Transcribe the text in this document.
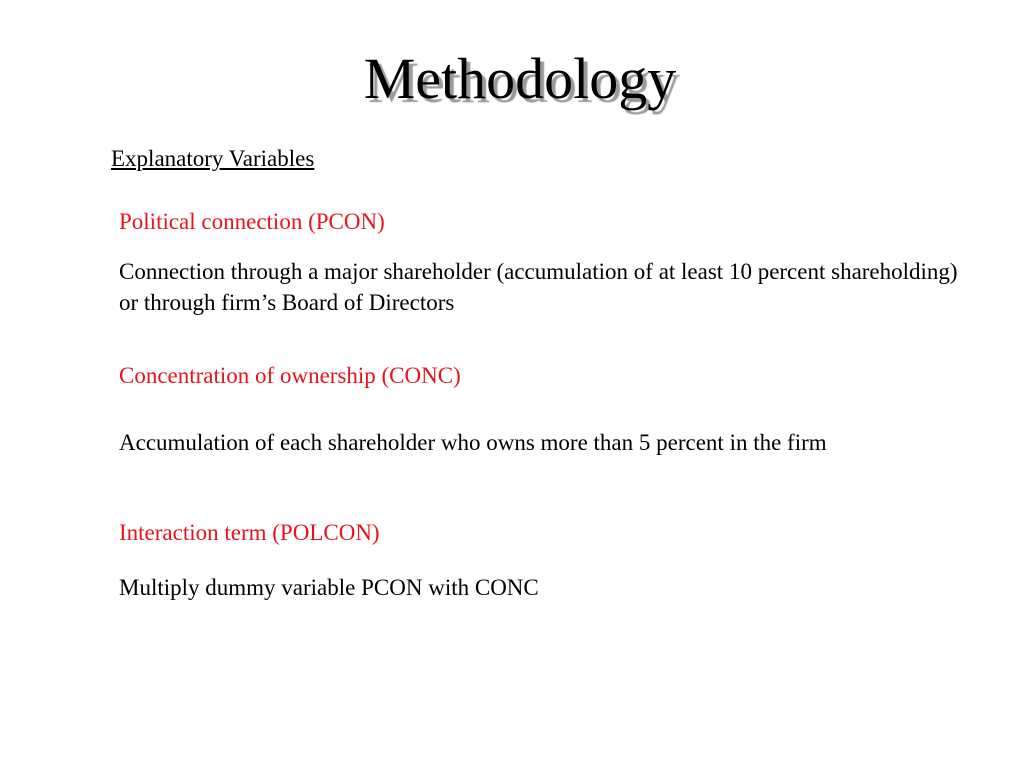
Methodology
Explanatory Variables
Political connection (PCON)
Connection through a major shareholder (accumulation of at least 10 percent shareholding) or through firm’s Board of Directors
Concentration of ownership (CONC)
Accumulation of each shareholder who owns more than 5 percent in the firm
Interaction term (POLCON)
Multiply dummy variable PCON with CONC
